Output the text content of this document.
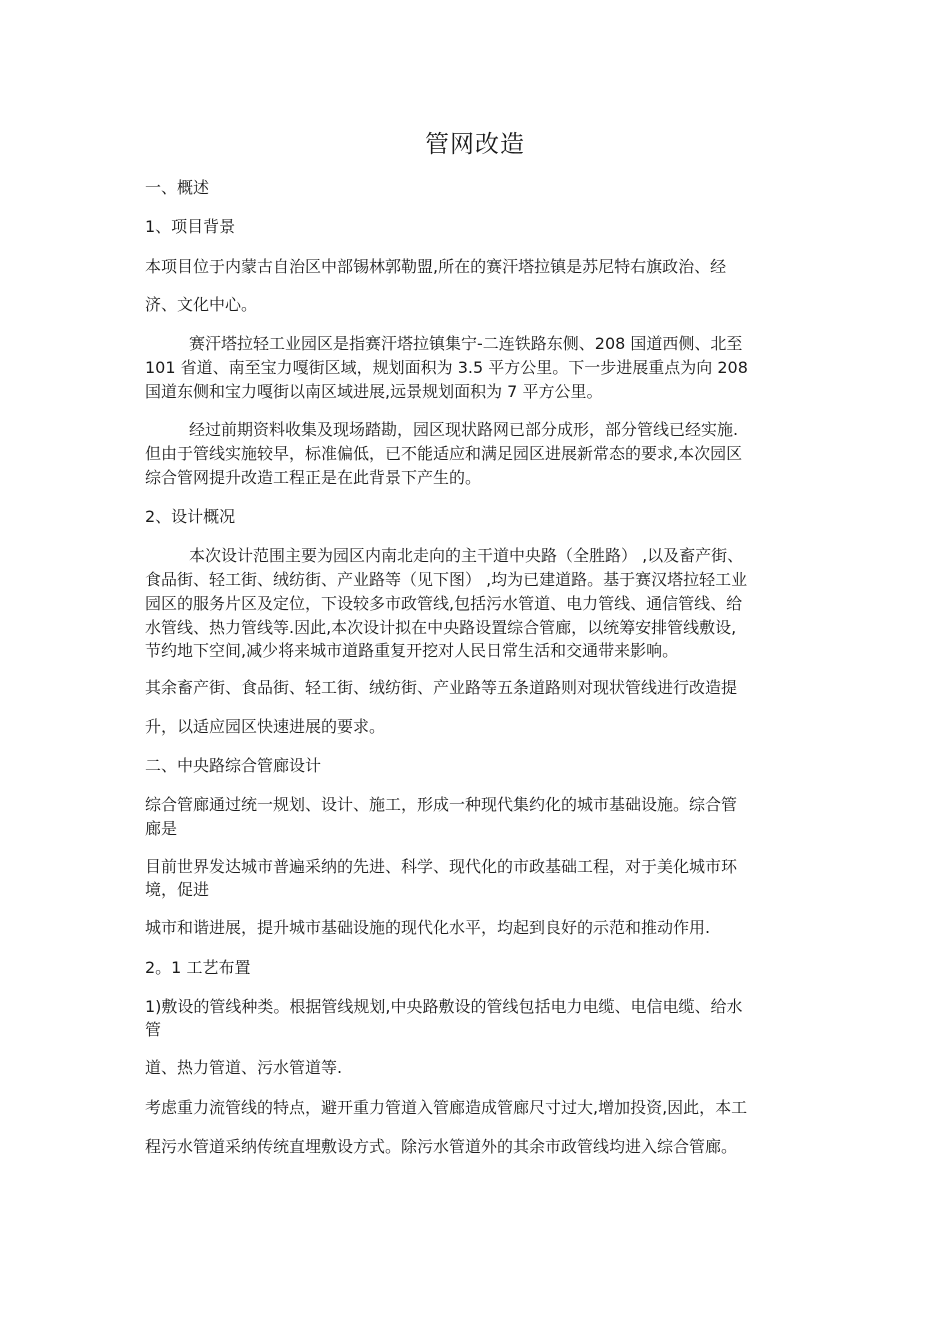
管网改造
一、概述
1、项目背景
本项目位于内蒙古自治区中部锡林郭勒盟,所在的赛汗塔拉镇是苏尼特右旗政治、经
济、文化中心。
赛汗塔拉轻工业园区是指赛汗塔拉镇集宁-二连铁路东侧、208 国道西侧、北至
101 省道、南至宝力嘎街区域，规划面积为 3.5 平方公里。下一步进展重点为向 208
国道东侧和宝力嘎街以南区域进展,远景规划面积为 7 平方公里。
经过前期资料收集及现场踏勘，园区现状路网已部分成形，部分管线已经实施.
但由于管线实施较早，标准偏低，已不能适应和满足园区进展新常态的要求,本次园区
综合管网提升改造工程正是在此背景下产生的。
2、设计概况
本次设计范围主要为园区内南北走向的主干道中央路（全胜路） ,以及畜产街、
食品街、轻工街、绒纺街、产业路等（见下图） ,均为已建道路。基于赛汉塔拉轻工业
园区的服务片区及定位，下设较多市政管线,包括污水管道、电力管线、通信管线、给
水管线、热力管线等.因此,本次设计拟在中央路设置综合管廊，以统筹安排管线敷设,
节约地下空间,减少将来城市道路重复开挖对人民日常生活和交通带来影响。
其余畜产街、食品街、轻工街、绒纺街、产业路等五条道路则对现状管线进行改造提
升，以适应园区快速进展的要求。
二、中央路综合管廊设计
综合管廊通过统一规划、设计、施工，形成一种现代集约化的城市基础设施。综合管
廊是
目前世界发达城市普遍采纳的先进、科学、现代化的市政基础工程，对于美化城市环
境，促进
城市和谐进展，提升城市基础设施的现代化水平，均起到良好的示范和推动作用.
2。1 工艺布置
1)敷设的管线种类。根据管线规划,中央路敷设的管线包括电力电缆、电信电缆、给水
管
道、热力管道、污水管道等.
考虑重力流管线的特点，避开重力管道入管廊造成管廊尺寸过大,增加投资,因此，本工
程污水管道采纳传统直埋敷设方式。除污水管道外的其余市政管线均进入综合管廊。
